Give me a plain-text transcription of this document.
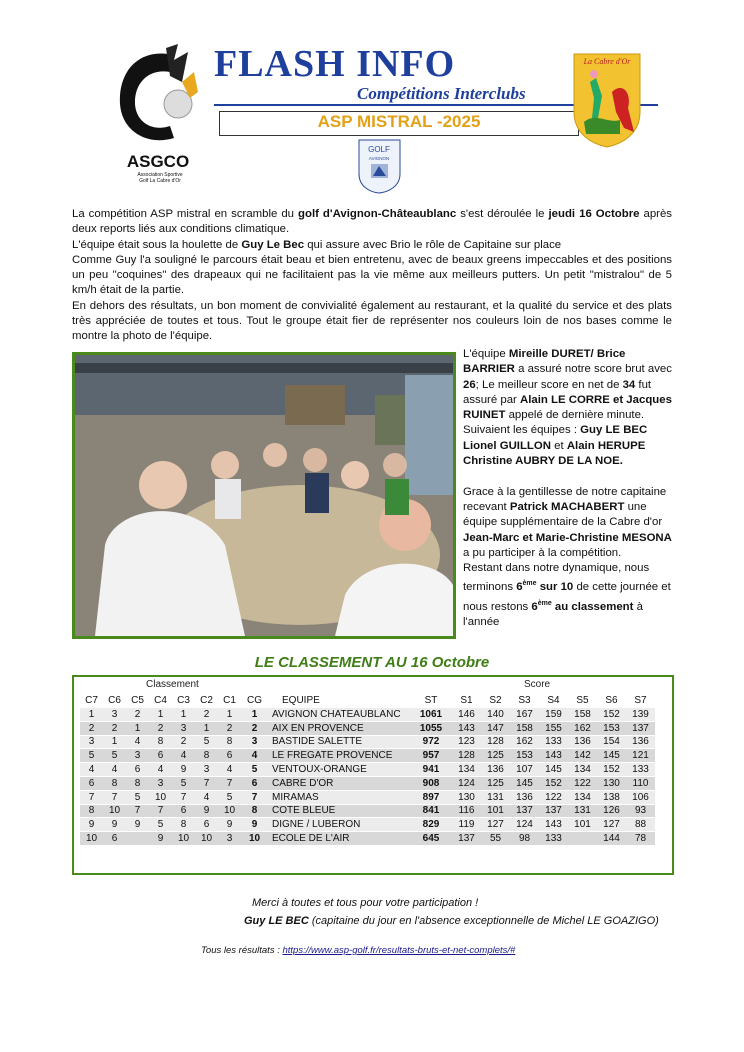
ASGCO
Association Sportive
Golf La Cabre d'Or
FLASH INFO
Compétitions Interclubs
ASP MISTRAL -2025
La Cabre d'Or
GOLF
AVIGNON

La compétition ASP mistral en scramble du golf d'Avignon-Châteaublanc s'est déroulée le jeudi 16 Octobre après deux reports liés aux conditions climatique.

L'équipe était sous la houlette de Guy Le Bec qui assure avec Brio le rôle de Capitaine sur place

Comme Guy l'a souligné le parcours était beau et bien entretenu, avec de beaux greens impeccables et des positions un peu "coquines" des drapeaux qui ne facilitaient pas la vie même aux meilleurs putters. Un petit "mistralou" de 5 km/h était de la partie.

En dehors des résultats, un bon moment de convivialité également au restaurant, et la qualité du service et des plats très appréciée de toutes et tous. Tout le groupe était fier de représenter nos couleurs loin de nos bases comme le montre la photo de l'équipe.

L'équipe Mireille DURET/ Brice BARRIER a assuré notre score brut avec 26; Le meilleur score en net de 34 fut assuré par Alain LE CORRE et Jacques RUINET appelé de dernière minute.

Suivaient les équipes : Guy LE BEC Lionel GUILLON et Alain HERUPE Christine AUBRY DE LA NOE.

Grace à la gentillesse de notre capitaine recevant Patrick MACHABERT une équipe supplémentaire de la Cabre d'or Jean-Marc et Marie-Christine MESONA a pu participer à la compétition.

Restant dans notre dynamique, nous terminons 6ème sur 10 de cette journée et nous restons 6ème au classement à l'année

LE CLASSEMENT AU 16 Octobre
Classement	Score
C7	C6	C5	C4	C3	C2	C1	CG	EQUIPE	ST	S1	S2	S3	S4	S5	S6	S7
1	3	2	1	1	2	1	1	AVIGNON CHATEAUBLANC	1061	146	140	167	159	158	152	139
2	2	1	2	3	1	2	2	AIX EN PROVENCE	1055	143	147	158	155	162	153	137
3	1	4	8	2	5	8	3	BASTIDE SALETTE	972	123	128	162	133	136	154	136
5	5	3	6	4	8	6	4	LE FREGATE PROVENCE	957	128	125	153	143	142	145	121
4	4	6	4	9	3	4	5	VENTOUX-ORANGE	941	134	136	107	145	134	152	133
6	8	8	3	5	7	7	6	CABRE D'OR	908	124	125	145	152	122	130	110
7	7	5	10	7	4	5	7	MIRAMAS	897	130	131	136	122	134	138	106
8	10	7	7	6	9	10	8	COTE BLEUE	841	116	101	137	137	131	126	93
9	9	9	5	8	6	9	9	DIGNE / LUBERON	829	119	127	124	143	101	127	88
10	6		9	10	10	3	10	ECOLE DE L'AIR	645	137	55	98	133		144	78
Merci à toutes et tous pour votre participation !
Guy LE BEC (capitaine du jour en l'absence exceptionnelle de Michel LE GOAZIGO)
Tous les résultats : https://www.asp-golf.fr/resultats-bruts-et-net-complets/#
